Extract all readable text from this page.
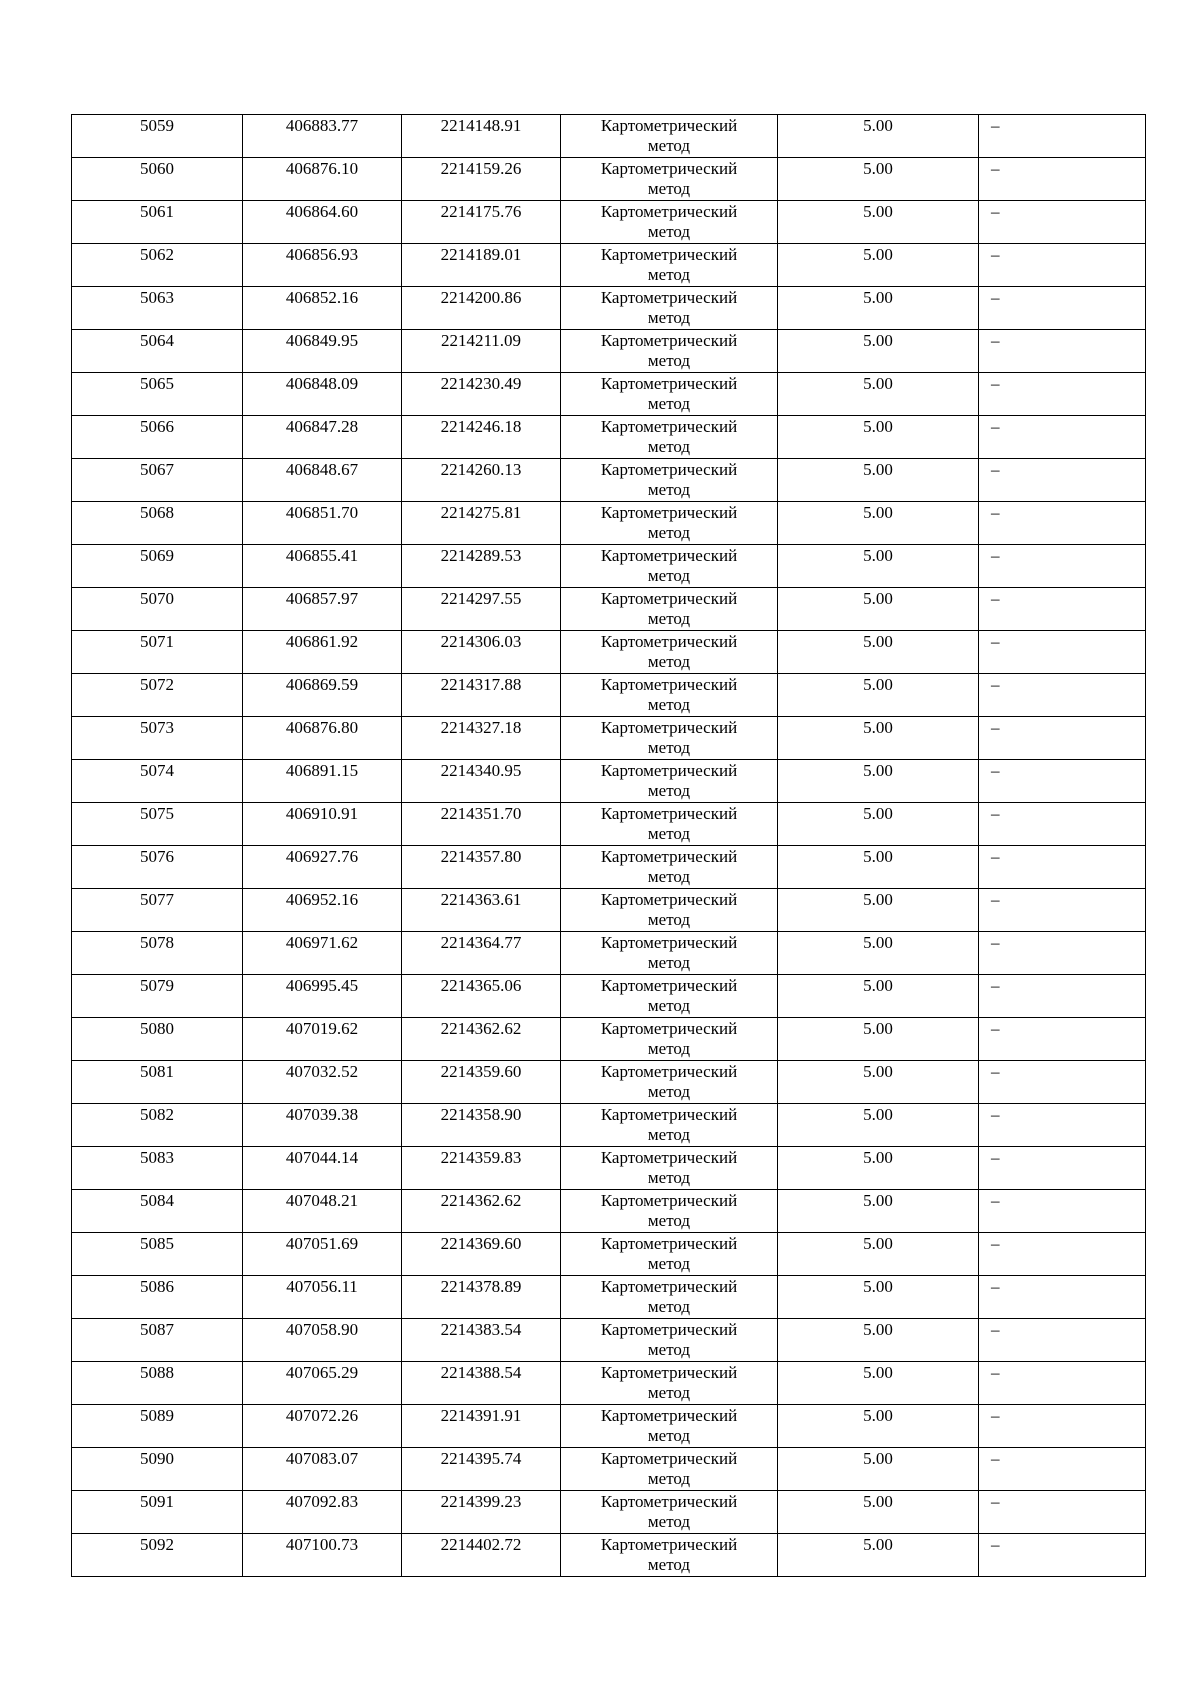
5059	406883.77	2214148.91	Картометрический
метод	5.00	–

5060	406876.10	2214159.26	Картометрический
метод	5.00	–

5061	406864.60	2214175.76	Картометрический
метод	5.00	–

5062	406856.93	2214189.01	Картометрический
метод	5.00	–

5063	406852.16	2214200.86	Картометрический
метод	5.00	–

5064	406849.95	2214211.09	Картометрический
метод	5.00	–

5065	406848.09	2214230.49	Картометрический
метод	5.00	–

5066	406847.28	2214246.18	Картометрический
метод	5.00	–

5067	406848.67	2214260.13	Картометрический
метод	5.00	–

5068	406851.70	2214275.81	Картометрический
метод	5.00	–

5069	406855.41	2214289.53	Картометрический
метод	5.00	–

5070	406857.97	2214297.55	Картометрический
метод	5.00	–

5071	406861.92	2214306.03	Картометрический
метод	5.00	–

5072	406869.59	2214317.88	Картометрический
метод	5.00	–

5073	406876.80	2214327.18	Картометрический
метод	5.00	–

5074	406891.15	2214340.95	Картометрический
метод	5.00	–

5075	406910.91	2214351.70	Картометрический
метод	5.00	–

5076	406927.76	2214357.80	Картометрический
метод	5.00	–

5077	406952.16	2214363.61	Картометрический
метод	5.00	–

5078	406971.62	2214364.77	Картометрический
метод	5.00	–

5079	406995.45	2214365.06	Картометрический
метод	5.00	–

5080	407019.62	2214362.62	Картометрический
метод	5.00	–

5081	407032.52	2214359.60	Картометрический
метод	5.00	–

5082	407039.38	2214358.90	Картометрический
метод	5.00	–

5083	407044.14	2214359.83	Картометрический
метод	5.00	–

5084	407048.21	2214362.62	Картометрический
метод	5.00	–

5085	407051.69	2214369.60	Картометрический
метод	5.00	–

5086	407056.11	2214378.89	Картометрический
метод	5.00	–

5087	407058.90	2214383.54	Картометрический
метод	5.00	–

5088	407065.29	2214388.54	Картометрический
метод	5.00	–

5089	407072.26	2214391.91	Картометрический
метод	5.00	–

5090	407083.07	2214395.74	Картометрический
метод	5.00	–

5091	407092.83	2214399.23	Картометрический
метод	5.00	–

5092	407100.73	2214402.72	Картометрический
метод	5.00	–
